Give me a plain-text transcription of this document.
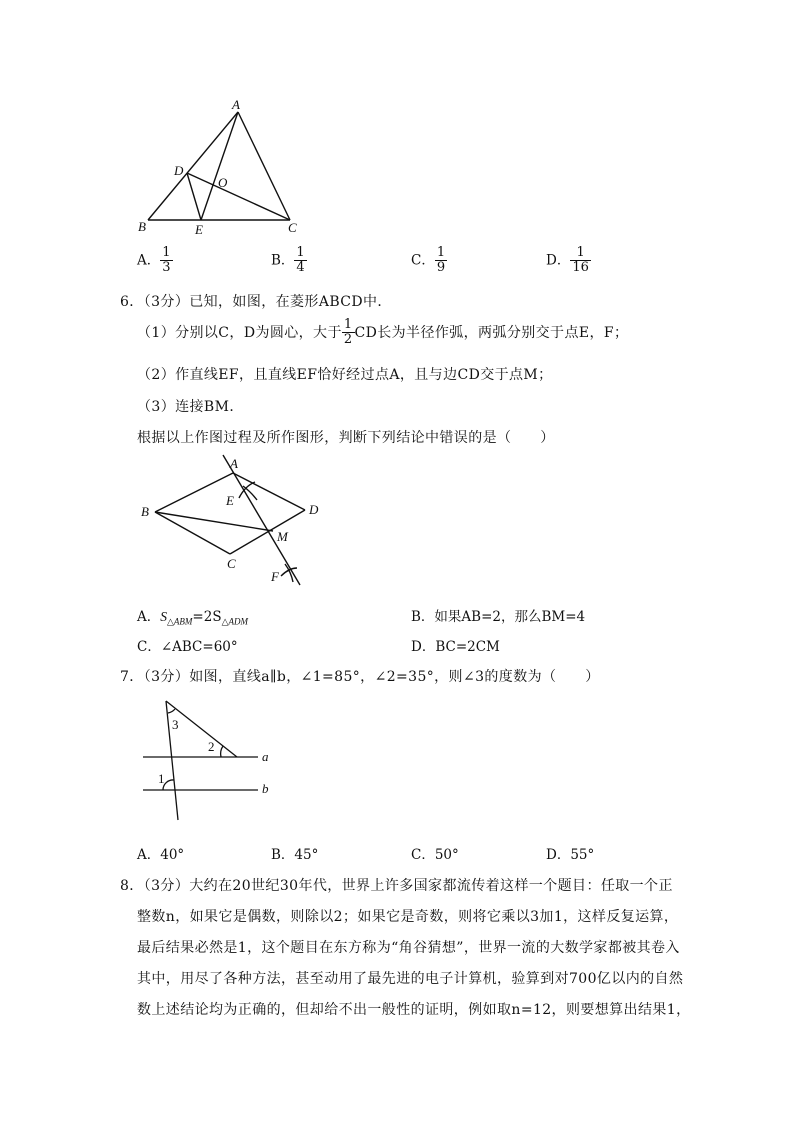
A
B	C
D
E
O
A． $\frac{1}{3}$	B． $\frac{1}{4}$	C． $\frac{1}{9}$	D． $\frac{1}{16}$
6．（3分）已知，如图，在菱形ABCD中．
（1）分别以C，D为圆心，大于 $\frac{1}{2}$ CD长为半径作弧，两弧分别交于点E，F；
（2）作直线EF，且直线EF恰好经过点A，且与边CD交于点M；
（3）连接BM．
根据以上作图过程及所作图形，判断下列结论中错误的是（　　）
A
B
C
D
E
F
M
A．$S_{\triangle ABM}=2S_{\triangle ADM}$	B．如果AB=2，那么BM=4
C．∠ABC=60°	D．BC=2CM
7．（3分）如图，直线a∥b，∠1=85°，∠2=35°，则∠3的度数为（　　）
3
2
1
a
b
A．40°	B．45°	C．50°	D．55°
8．（3分）大约在20世纪30年代，世界上许多国家都流传着这样一个题目：任取一个正
整数n，如果它是偶数，则除以2；如果它是奇数，则将它乘以3加1，这样反复运算，
最后结果必然是1，这个题目在东方称为“角谷猜想”，世界一流的大数学家都被其卷入
其中，用尽了各种方法，甚至动用了最先进的电子计算机，验算到对700亿以内的自然
数上述结论均为正确的，但却给不出一般性的证明，例如取n=12，则要想算出结果1，
